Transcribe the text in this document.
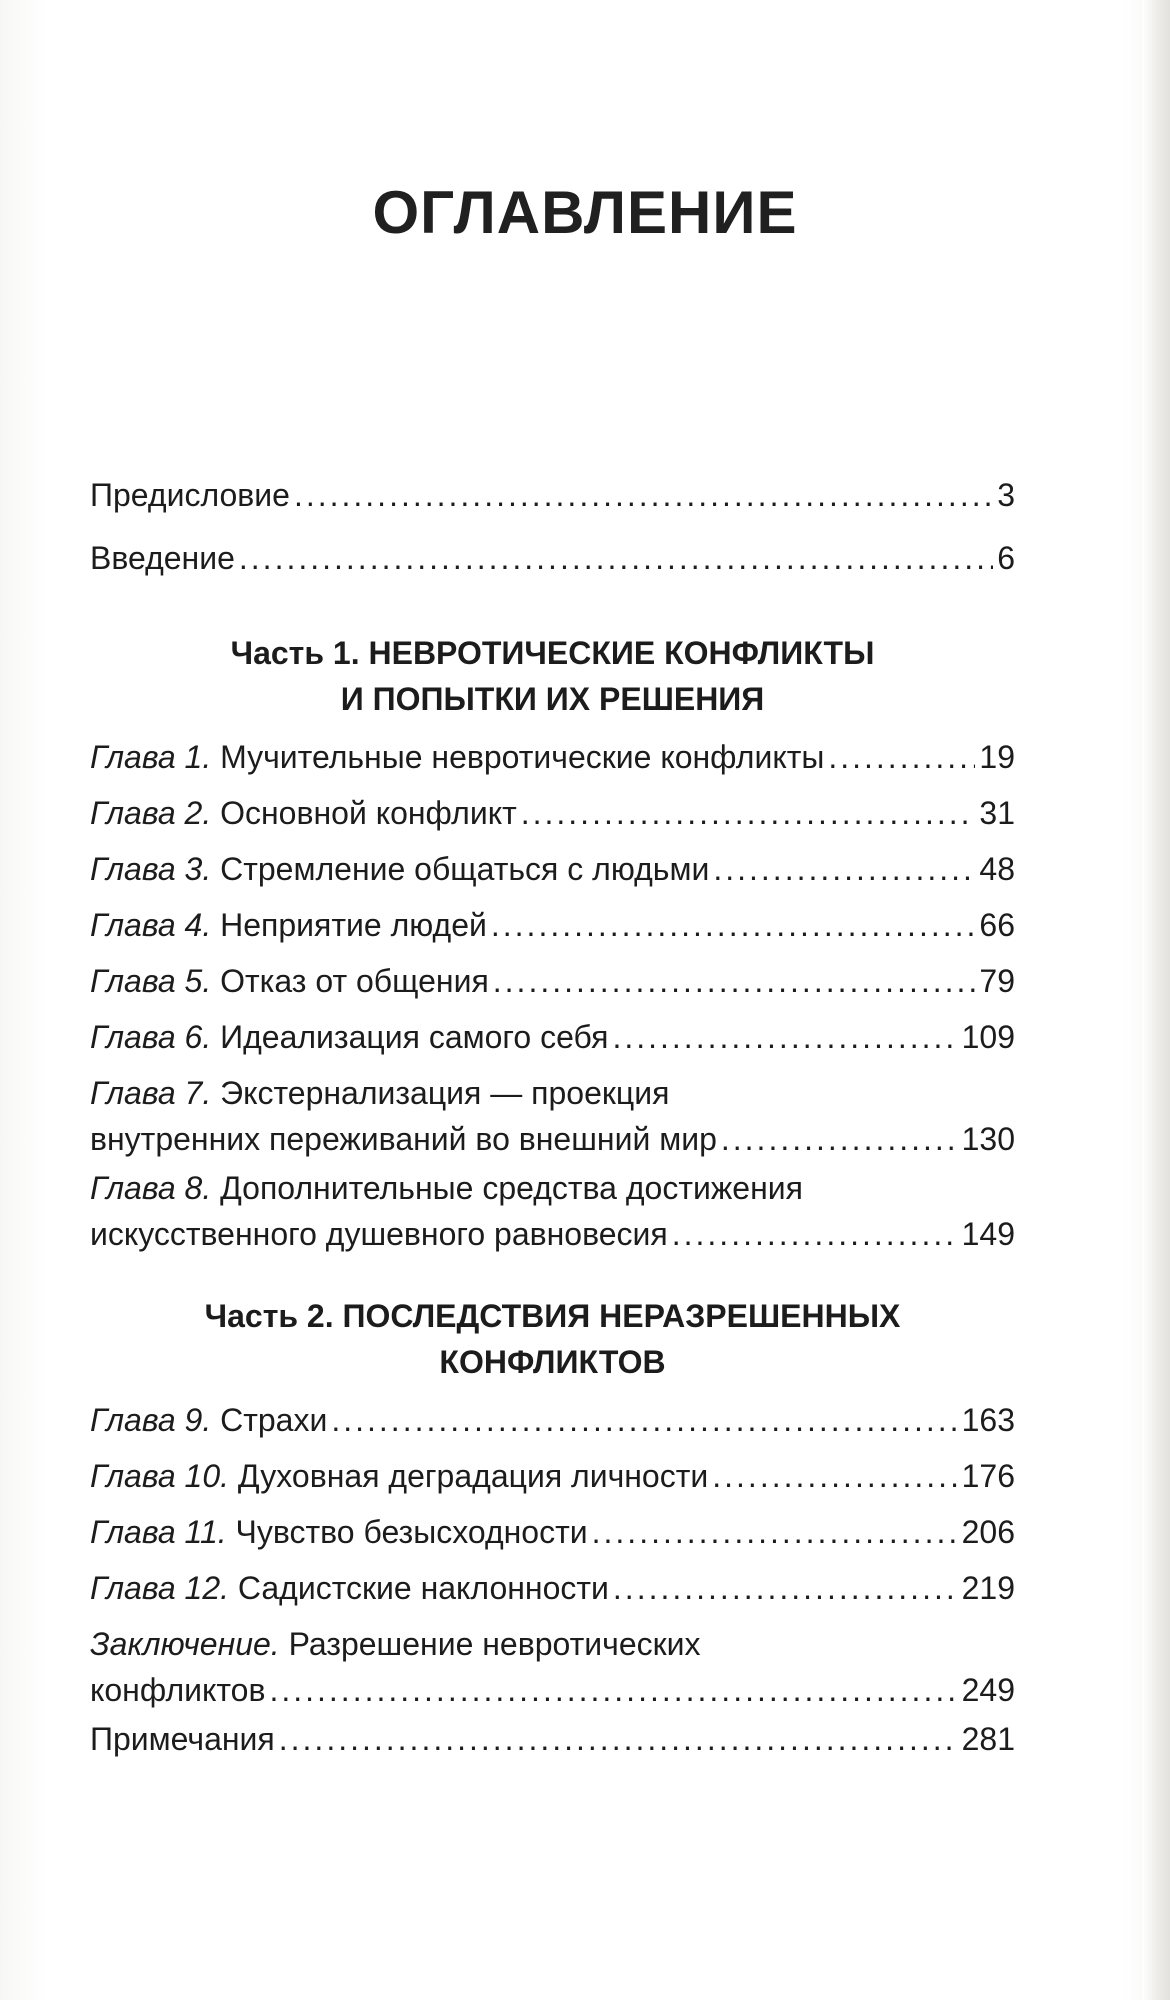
ОГЛАВЛЕНИЕ
Предисловие .....	3
Введение .....	6
Часть 1. НЕВРОТИЧЕСКИЕ КОНФЛИКТЫ
И ПОПЫТКИ ИХ РЕШЕНИЯ
Глава 1. Мучительные невротические конфликты .....	19
Глава 2. Основной конфликт .....	31
Глава 3. Стремление общаться с людьми .....	48
Глава 4. Неприятие людей .....	66
Глава 5. Отказ от общения .....	79
Глава 6. Идеализация самого себя .....	109
Глава 7. Экстернализация — проекция
внутренних переживаний во внешний мир .....	130
Глава 8. Дополнительные средства достижения
искусственного душевного равновесия .....	149
Часть 2. ПОСЛЕДСТВИЯ НЕРАЗРЕШЕННЫХ
КОНФЛИКТОВ
Глава 9. Страхи .....	163
Глава 10. Духовная деградация личности .....	176
Глава 11. Чувство безысходности .....	206
Глава 12. Садистские наклонности .....	219
Заключение. Разрешение невротических
конфликтов .....	249
Примечания .....	281
